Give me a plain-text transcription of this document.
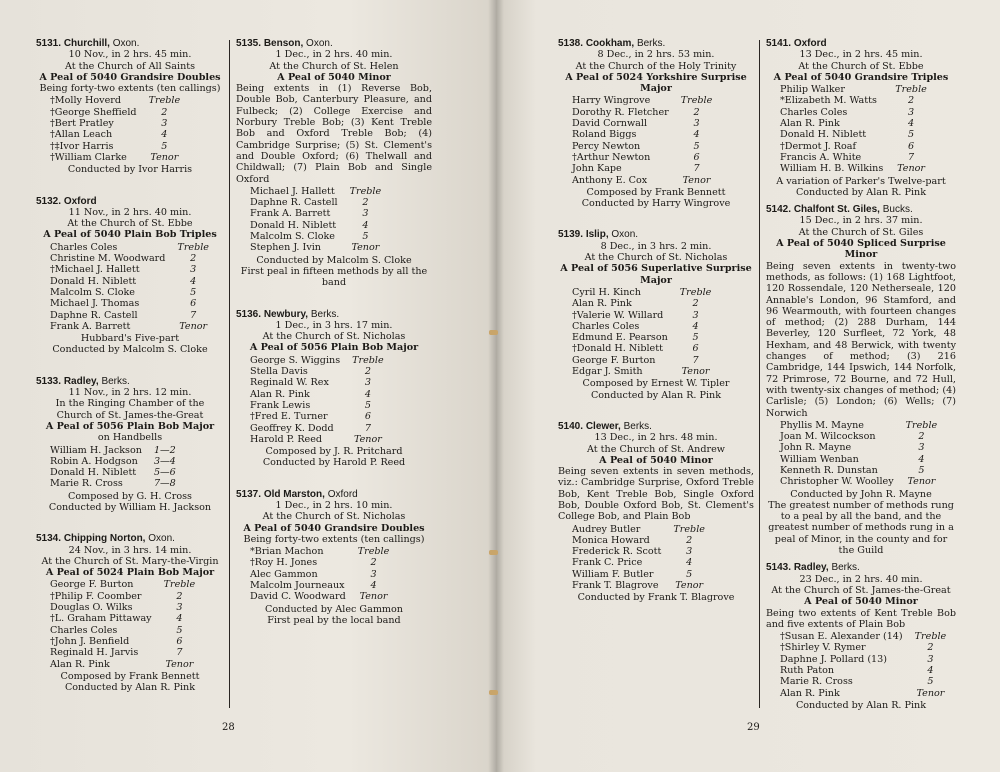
5131. Churchill, Oxon.
10 Nov., in 2 hrs. 45 min.
At the Church of All Saints
A Peal of 5040 Grandsire Doubles
Being forty-two extents (ten callings)
†Molly Hoverd	Treble
†George Sheffield	2
†Bert Pratley	3
†Allan Leach	4
†‡Ivor Harris	5
†William Clarke	Tenor
Conducted by Ivor Harris
5132. Oxford
11 Nov., in 2 hrs. 40 min.
At the Church of St. Ebbe
A Peal of 5040 Plain Bob Triples
Charles Coles	Treble
Christine M. Woodward	2
†Michael J. Hallett	3
Donald H. Niblett	4
Malcolm S. Cloke	5
Michael J. Thomas	6
Daphne R. Castell	7
Frank A. Barrett	Tenor
Hubbard's Five-part
Conducted by Malcolm S. Cloke
5133. Radley, Berks.
11 Nov., in 2 hrs. 12 min.
In the Ringing Chamber of the
Church of St. James-the-Great
A Peal of 5056 Plain Bob Major
on Handbells
William H. Jackson	1—2
Robin A. Hodgson	3—4
Donald H. Niblett	5—6
Marie R. Cross	7—8
Composed by G. H. Cross
Conducted by William H. Jackson
5134. Chipping Norton, Oxon.
24 Nov., in 3 hrs. 14 min.
At the Church of St. Mary-the-Virgin
A Peal of 5024 Plain Bob Major
George F. Burton	Treble
†Philip F. Coomber	2
Douglas O. Wilks	3
†L. Graham Pittaway	4
Charles Coles	5
†John J. Benfield	6
Reginald H. Jarvis	7
Alan R. Pink	Tenor
Composed by Frank Bennett
Conducted by Alan R. Pink
5135. Benson, Oxon.
1 Dec., in 2 hrs. 40 min.
At the Church of St. Helen
A Peal of 5040 Minor
Being extents in (1) Reverse Bob, Double Bob, Canterbury Pleasure, and Fulbeck; (2) College Exercise and Norbury Treble Bob; (3) Kent Treble Bob and Oxford Treble Bob; (4) Cambridge Surprise; (5) St. Clement's and Double Oxford; (6) Thelwall and Childwall; (7) Plain Bob and Single Oxford
Michael J. Hallett	Treble
Daphne R. Castell	2
Frank A. Barrett	3
Donald H. Niblett	4
Malcolm S. Cloke	5
Stephen J. Ivin	Tenor
Conducted by Malcolm S. Cloke
First peal in fifteen methods by all the band
5136. Newbury, Berks.
1 Dec., in 3 hrs. 17 min.
At the Church of St. Nicholas
A Peal of 5056 Plain Bob Major
George S. Wiggins	Treble
Stella Davis	2
Reginald W. Rex	3
Alan R. Pink	4
Frank Lewis	5
†Fred E. Turner	6
Geoffrey K. Dodd	7
Harold P. Reed	Tenor
Composed by J. R. Pritchard
Conducted by Harold P. Reed
5137. Old Marston, Oxford
1 Dec., in 2 hrs. 10 min.
At the Church of St. Nicholas
A Peal of 5040 Grandsire Doubles
Being forty-two extents (ten callings)
*Brian Machon	Treble
†Roy H. Jones	2
Alec Gammon	3
Malcolm Journeaux	4
David C. Woodward	Tenor
Conducted by Alec Gammon
First peal by the local band
5138. Cookham, Berks.
8 Dec., in 2 hrs. 53 min.
At the Church of the Holy Trinity
A Peal of 5024 Yorkshire Surprise Major
Harry Wingrove	Treble
Dorothy R. Fletcher	2
David Cornwall	3
Roland Biggs	4
Percy Newton	5
†Arthur Newton	6
John Kape	7
Anthony E. Cox	Tenor
Composed by Frank Bennett
Conducted by Harry Wingrove
5139. Islip, Oxon.
8 Dec., in 3 hrs. 2 min.
At the Church of St. Nicholas
A Peal of 5056 Superlative Surprise Major
Cyril H. Kinch	Treble
Alan R. Pink	2
†Valerie W. Willard	3
Charles Coles	4
Edmund E. Pearson	5
†Donald H. Niblett	6
George F. Burton	7
Edgar J. Smith	Tenor
Composed by Ernest W. Tipler
Conducted by Alan R. Pink
5140. Clewer, Berks.
13 Dec., in 2 hrs. 48 min.
At the Church of St. Andrew
A Peal of 5040 Minor
Being seven extents in seven methods, viz.: Cambridge Surprise, Oxford Treble Bob, Kent Treble Bob, Single Oxford Bob, Double Oxford Bob, St. Clement's College Bob, and Plain Bob
Audrey Butler	Treble
Monica Howard	2
Frederick R. Scott	3
Frank C. Price	4
William F. Butler	5
Frank T. Blagrove	Tenor
Conducted by Frank T. Blagrove
5141. Oxford
13 Dec., in 2 hrs. 45 min.
At the Church of St. Ebbe
A Peal of 5040 Grandsire Triples
Philip Walker	Treble
*Elizabeth M. Watts	2
Charles Coles	3
Alan R. Pink	4
Donald H. Niblett	5
†Dermot J. Roaf	6
Francis A. White	7
William H. B. Wilkins	Tenor
A variation of Parker's Twelve-part
Conducted by Alan R. Pink
5142. Chalfont St. Giles, Bucks.
15 Dec., in 2 hrs. 37 min.
At the Church of St. Giles
A Peal of 5040 Spliced Surprise Minor
Being seven extents in twenty-two methods, as follows: (1) 168 Lightfoot, 120 Rossendale, 120 Netherseale, 120 Annable's London, 96 Stamford, and 96 Wearmouth, with fourteen changes of method; (2) 288 Durham, 144 Beverley, 120 Surfleet, 72 York, 48 Hexham, and 48 Berwick, with twenty changes of method; (3) 216 Cambridge, 144 Ipswich, 144 Norfolk, 72 Primrose, 72 Bourne, and 72 Hull, with twenty-six changes of method; (4) Carlisle; (5) London; (6) Wells; (7) Norwich
Phyllis M. Mayne	Treble
Joan M. Wilcockson	2
John R. Mayne	3
William Wenban	4
Kenneth R. Dunstan	5
Christopher W. Woolley	Tenor
Conducted by John R. Mayne
The greatest number of methods rung to a peal by all the band, and the greatest number of methods rung in a peal of Minor, in the county and for the Guild
5143. Radley, Berks.
23 Dec., in 2 hrs. 40 min.
At the Church of St. James-the-Great
A Peal of 5040 Minor
Being two extents of Kent Treble Bob and five extents of Plain Bob
†Susan E. Alexander (14)	Treble
†Shirley V. Rymer	2
Daphne J. Pollard (13)	3
Ruth Paton	4
Marie R. Cross	5
Alan R. Pink	Tenor
Conducted by Alan R. Pink
28	29
